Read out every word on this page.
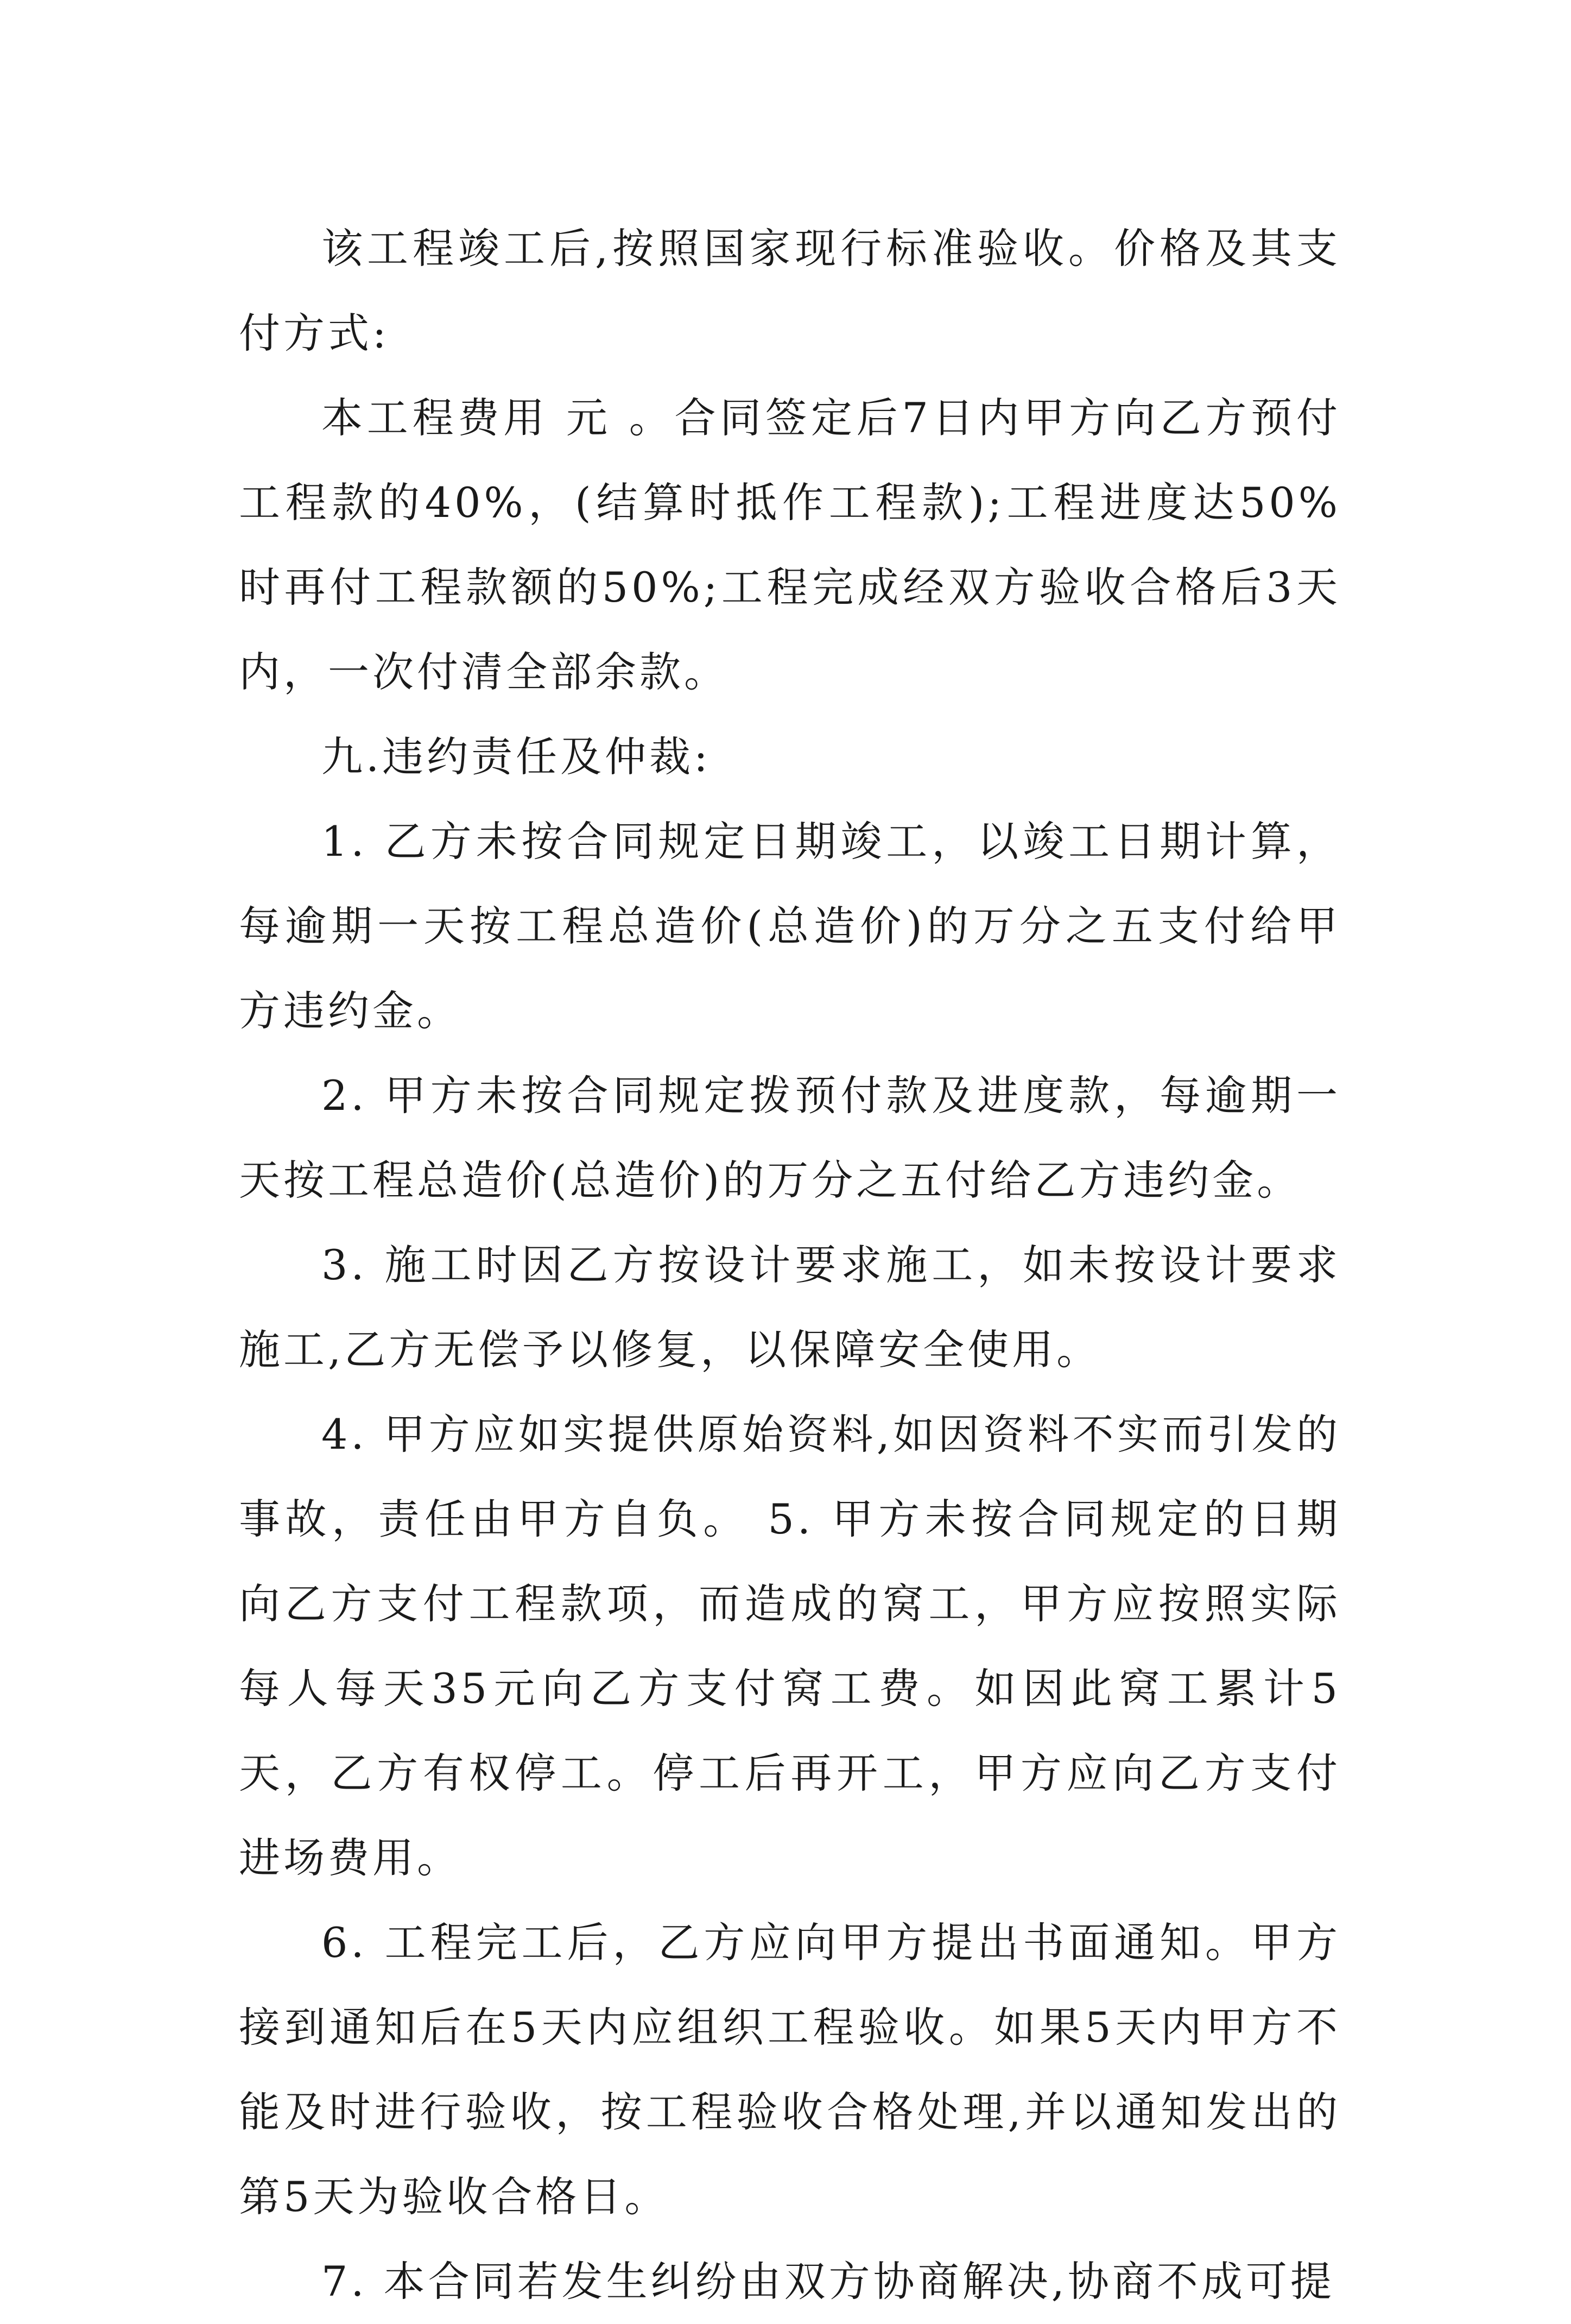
该工程竣工后,按照国家现行标准验收。价格及其支付方式:

本工程费用 元 。合同签定后7日内甲方向乙方预付工程款的40%，(结算时抵作工程款);工程进度达50%时再付工程款额的50%;工程完成经双方验收合格后3天内，一次付清全部余款。

九.违约责任及仲裁:

1. 乙方未按合同规定日期竣工，以竣工日期计算，每逾期一天按工程总造价(总造价)的万分之五支付给甲方违约金。

2. 甲方未按合同规定拨预付款及进度款，每逾期一天按工程总造价(总造价)的万分之五付给乙方违约金。

3. 施工时因乙方按设计要求施工，如未按设计要求施工,乙方无偿予以修复，以保障安全使用。

4. 甲方应如实提供原始资料,如因资料不实而引发的事故，责任由甲方自负。 5. 甲方未按合同规定的日期向乙方支付工程款项，而造成的窝工，甲方应按照实际每人每天35元向乙方支付窝工费。如因此窝工累计5天，乙方有权停工。停工后再开工，甲方应向乙方支付进场费用。

6. 工程完工后，乙方应向甲方提出书面通知。甲方接到通知后在5天内应组织工程验收。如果5天内甲方不能及时进行验收，按工程验收合格处理,并以通知发出的第5天为验收合格日。

7. 本合同若发生纠纷由双方协商解决,协商不成可提
